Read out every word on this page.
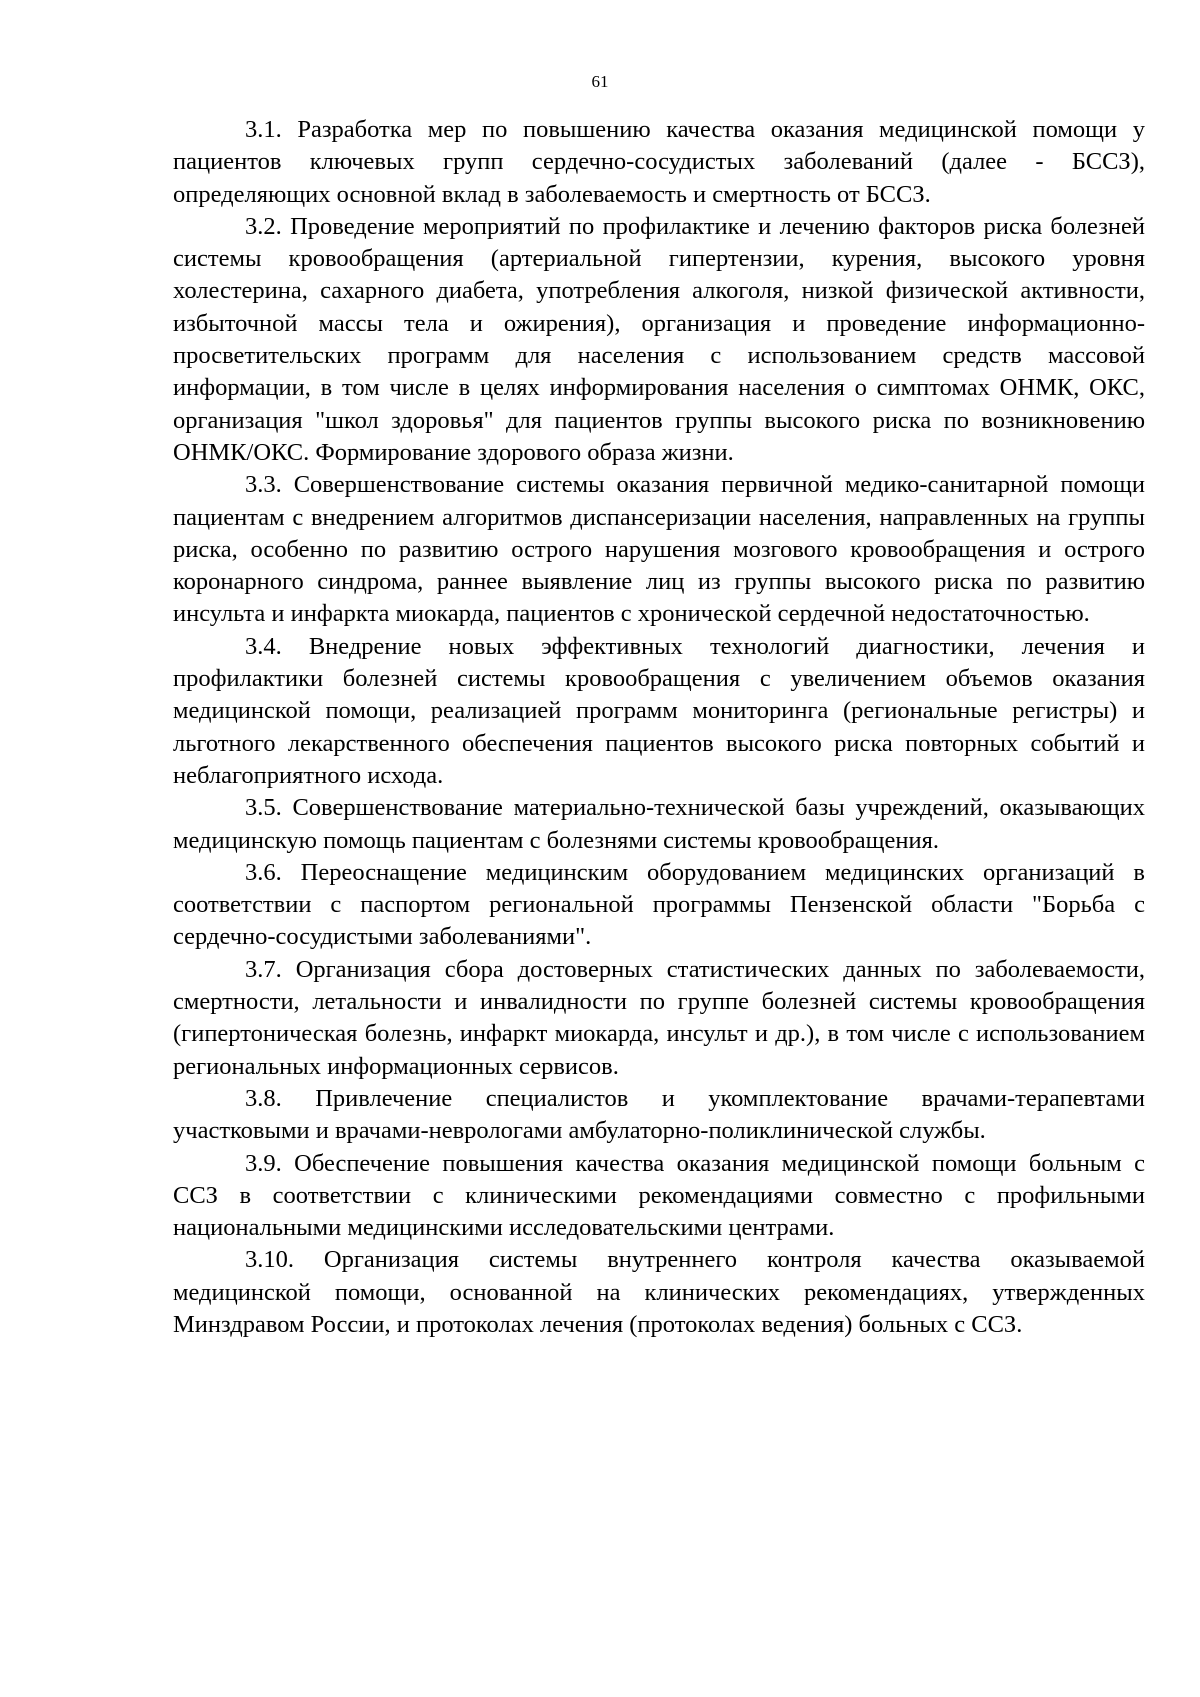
61

3.1. Разработка мер по повышению качества оказания медицинской помощи у пациентов ключевых групп сердечно-сосудистых заболеваний (далее - БССЗ), определяющих основной вклад в заболеваемость и смертность от БССЗ.

3.2. Проведение мероприятий по профилактике и лечению факторов риска болезней системы кровообращения (артериальной гипертензии, курения, высокого уровня холестерина, сахарного диабета, употребления алкоголя, низкой физической активности, избыточной массы тела и ожирения), организация и проведение информационно-просветительских программ для населения с использованием средств массовой информации, в том числе в целях информирования населения о симптомах ОНМК, ОКС, организация "школ здоровья" для пациентов группы высокого риска по возникновению ОНМК/ОКС. Формирование здорового образа жизни.

3.3. Совершенствование системы оказания первичной медико-санитарной помощи пациентам с внедрением алгоритмов диспансеризации населения, направленных на группы риска, особенно по развитию острого нарушения мозгового кровообращения и острого коронарного синдрома, раннее выявление лиц из группы высокого риска по развитию инсульта и инфаркта миокарда, пациентов с хронической сердечной недостаточностью.

3.4. Внедрение новых эффективных технологий диагностики, лечения и профилактики болезней системы кровообращения с увеличением объемов оказания медицинской помощи, реализацией программ мониторинга (региональные регистры) и льготного лекарственного обеспечения пациентов высокого риска повторных событий и неблагоприятного исхода.

3.5. Совершенствование материально-технической базы учреждений, оказывающих медицинскую помощь пациентам с болезнями системы кровообращения.

3.6. Переоснащение медицинским оборудованием медицинских организаций в соответствии с паспортом региональной программы Пензенской области "Борьба с сердечно-сосудистыми заболеваниями".

3.7. Организация сбора достоверных статистических данных по заболеваемости, смертности, летальности и инвалидности по группе болезней системы кровообращения (гипертоническая болезнь, инфаркт миокарда, инсульт и др.), в том числе с использованием региональных информационных сервисов.

3.8. Привлечение специалистов и укомплектование врачами-терапевтами участковыми и врачами-неврологами амбулаторно-поликлинической службы.

3.9. Обеспечение повышения качества оказания медицинской помощи больным с ССЗ в соответствии с клиническими рекомендациями совместно с профильными национальными медицинскими исследовательскими центрами.

3.10. Организация системы внутреннего контроля качества оказываемой медицинской помощи, основанной на клинических рекомендациях, утвержденных Минздравом России, и протоколах лечения (протоколах ведения) больных с ССЗ.
